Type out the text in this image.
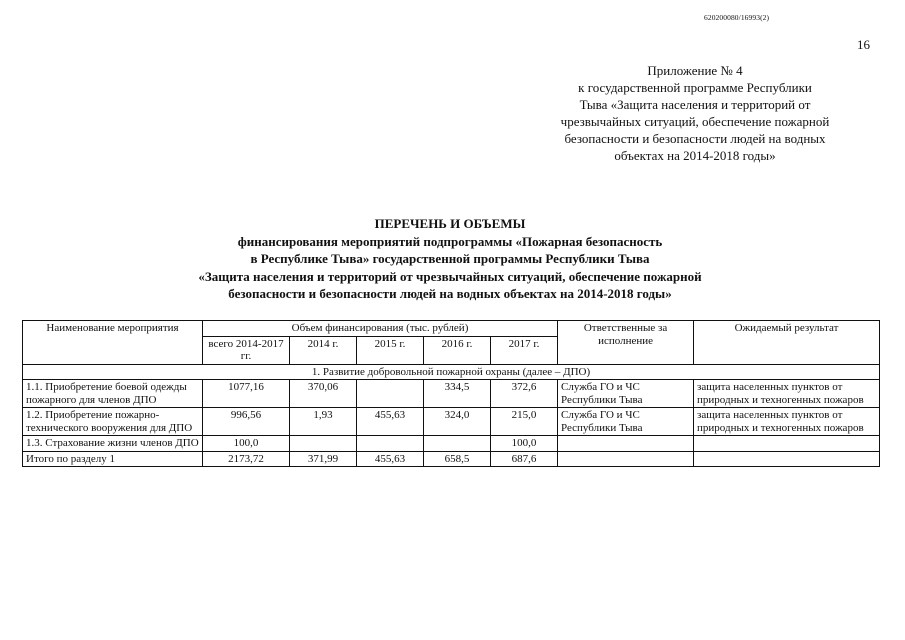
620200080/16993(2)
16
Приложение № 4
к государственной программе Республики
Тыва «Защита населения и территорий от
чрезвычайных ситуаций, обеспечение пожарной
безопасности и безопасности людей на водных
объектах на 2014-2018 годы»
ПЕРЕЧЕНЬ И ОБЪЕМЫ
финансирования мероприятий подпрограммы «Пожарная безопасность
в Республике Тыва» государственной программы Республики Тыва
«Защита населения и территорий от чрезвычайных ситуаций, обеспечение пожарной
безопасности и безопасности людей на водных объектах на 2014-2018 годы»
Наименование мероприятия	Объем финансирования (тыс. рублей)					Ответственные за исполнение	Ожидаемый результат
	всего 2014-2017 гг.	2014 г.	2015 г.	2016 г.	2017 г.		
1. Развитие добровольной пожарной охраны (далее – ДПО)							
1.1. Приобретение боевой одежды пожарного для членов ДПО	1077,16	370,06		334,5	372,6	Служба ГО и ЧС Республики Тыва	защита населенных пунктов от природных и техногенных пожаров
1.2. Приобретение пожарно-технического вооружения для ДПО	996,56	1,93	455,63	324,0	215,0	Служба ГО и ЧС Республики Тыва	защита населенных пунктов от природных и техногенных пожаров
1.3. Страхование жизни членов ДПО	100,0				100,0		
Итого по разделу 1	2173,72	371,99	455,63	658,5	687,6		
